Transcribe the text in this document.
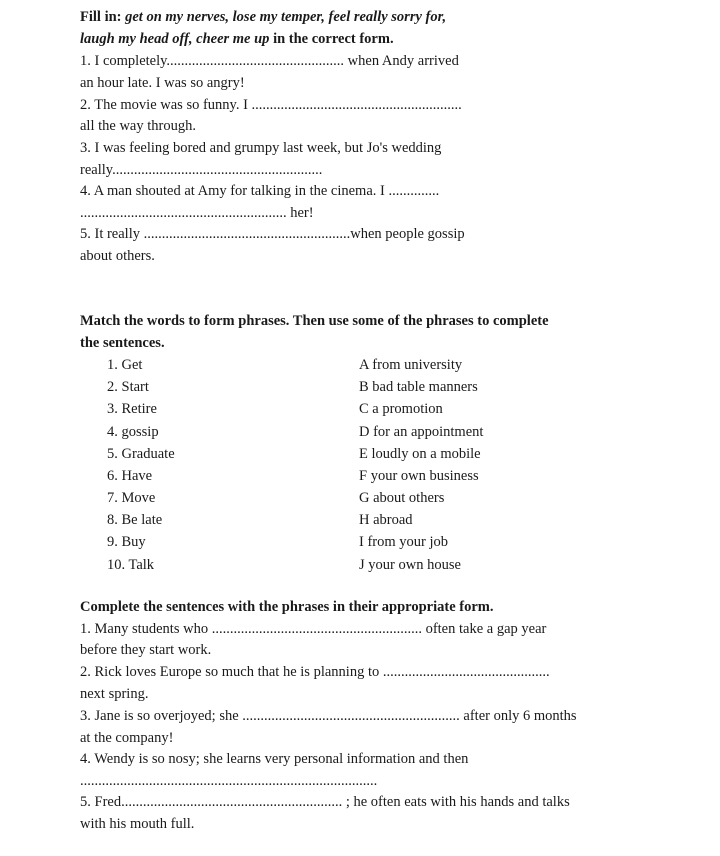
Fill in: get on my nerves, lose my temper, feel really sorry for,
laugh my head off, cheer me up in the correct form.
1. I completely................................................. when Andy arrived
an hour late. I was so angry!
2. The movie was so funny. I ..........................................................
all the way through.
3. I was feeling bored and grumpy last week, but Jo's wedding
really..........................................................
4. A man shouted at Amy for talking in the cinema. I ..............
......................................................... her!
5. It really .........................................................when people gossip
about others.
Match the words to form phrases. Then use some of the phrases to complete
the sentences.
1. Get
2. Start
3. Retire
4. gossip
5. Graduate
6. Have
7. Move
8. Be late
9. Buy
10. Talk
A from university
B bad table manners
C a promotion
D for an appointment
E loudly on a mobile
F your own business
G about others
H abroad
I from your job
J your own house
Complete the sentences with the phrases in their appropriate form.
1. Many students who .......................................................... often take a gap year
before they start work.
2. Rick loves Europe so much that he is planning to ..............................................
next spring.
3. Jane is so overjoyed; she ............................................................ after only 6 months
at the company!
4. Wendy is so nosy; she learns very personal information and then
..................................................................................
5. Fred............................................................. ; he often eats with his hands and talks
with his mouth full.
